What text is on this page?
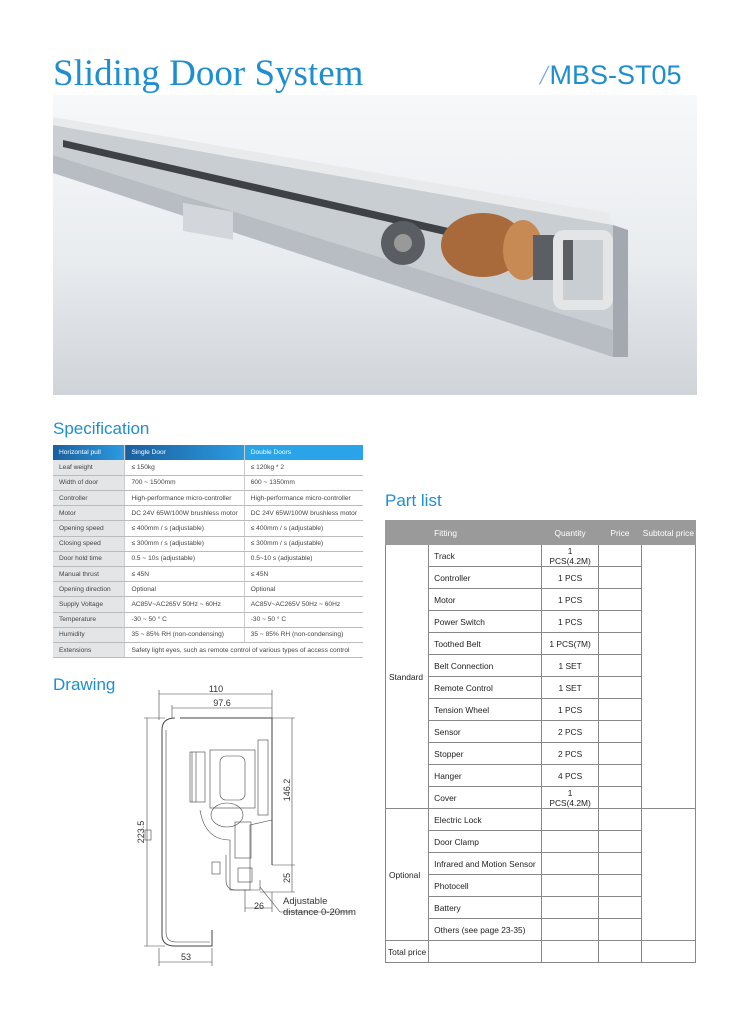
Sliding Door System	/MBS-ST05
Specification
Horizontal pull	Single Door	Double Doors
Leaf weight	≤ 150kg	≤ 120kg * 2
Width of door	700 ~ 1500mm	600 ~ 1350mm
Controller	High-performance micro-controller	High-performance micro-controller
Motor	DC 24V 65W/100W brushless motor	DC 24V 65W/100W brushless motor
Opening speed	≤ 400mm / s (adjustable)	≤ 400mm / s (adjustable)
Closing speed	≤ 300mm / s (adjustable)	≤ 300mm / s (adjustable)
Door hold time	0.5 ~ 10s (adjustable)	0.5~10 s (adjustable)
Manual thrust	≤ 45N	≤ 45N
Opening direction	Optional	Optional
Supply Voltage	AC85V~AC265V 50Hz ~ 60Hz	AC85V~AC265V 50Hz ~ 60Hz
Temperature	-30 ~ 50 ° C	-30 ~ 50 ° C
Humidity	35 ~ 85% RH (non-condensing)	35 ~ 85% RH (non-condensing)
Extensions	Safety light eyes, such as remote control of various types of access control	
Drawing	110
97.6
146.2
223.5
25
26
53
Adjustable
distance 0-20mm
Part list
	Fitting	Quantity	Price	Subtotal price
Standard	Track	1 PCS(4.2M)		
	Controller	1 PCS		
	Motor	1 PCS		
	Power Switch	1 PCS		
	Toothed Belt	1 PCS(7M)		
	Belt Connection	1 SET		
	Remote Control	1 SET		
	Tension Wheel	1 PCS		
	Sensor	2 PCS		
	Stopper	2 PCS		
	Hanger	4 PCS		
	Cover	1 PCS(4.2M)		
Optional	Electric Lock			
	Door Clamp			
	Infrared and Motion Sensor			
	Photocell			
	Battery			
	Others (see page 23-35)			
Total price				
